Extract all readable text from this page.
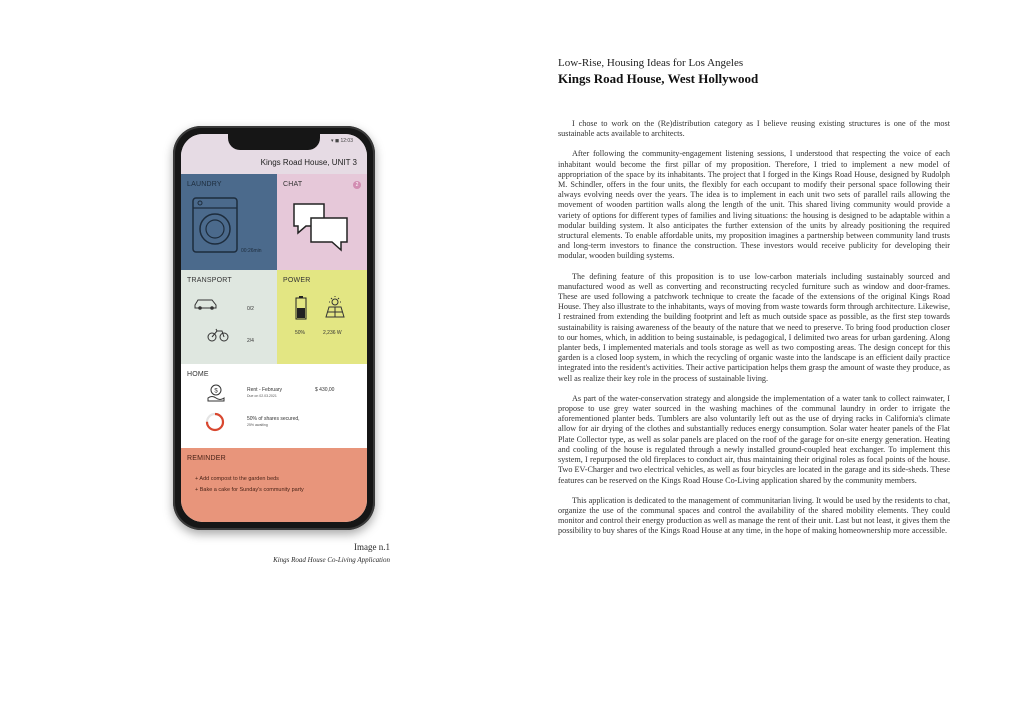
▾ ◼ 12:03
Kings Road House, UNIT 3
LAUNDRY
00:26min
CHAT	2
TRANSPORT
0/2
2/4
POWER
50%	2,236 W
HOME
$	Rent - February
Due on 02.03.2021
$ 430,00
50% of shares secured,
25% awaiting
REMINDER
+ Add compost to the garden beds
+ Bake a cake for Sunday's community party
Image n.1
Kings Road House Co-Living Application
Low-Rise, Housing Ideas for Los Angeles
Kings Road House, West Hollywood

I chose to work on the (Re)distribution category as I believe reusing existing structures is one of the most sustainable acts available to architects.

After following the community-engagement listening sessions, I understood that respecting the voice of each inhabitant would become the first pillar of my proposition. Therefore, I tried to implement a new model of appropriation of the space by its inhabitants. The project that I forged in the Kings Road House, designed by Rudolph M. Schindler, offers in the four units, the flexibly for each occupant to modify their personal space following their always evolving needs over the years. The idea is to implement in each unit two sets of parallel rails allowing the movement of wooden partition walls along the length of the unit. This shared living community would provide a variety of options for different types of families and living situations: the housing is designed to be adaptable within a modular building system. It also anticipates the further extension of the units by already positioning the required structural elements. To enable affordable units, my proposition imagines a partnership between community land trusts and long-term investors to finance the construction. These investors would receive publicity for developing their modular, wooden building systems.

The defining feature of this proposition is to use low-carbon materials including sustainably sourced and manufactured wood as well as converting and reconstructing recycled furniture such as window and door-frames. These are used following a patchwork technique to create the facade of the extensions of the original Kings Road House. They also illustrate to the inhabitants, ways of moving from waste towards form through architecture. Likewise, I restrained from extending the building footprint and left as much outside space as possible, as the first step towards sustainability is raising awareness of the beauty of the nature that we need to preserve. To bring food production closer to our homes, which, in addition to being sustainable, is pedagogical, I delimited two areas for urban gardening. Along planter beds, I implemented materials and tools storage as well as two composting areas. The design concept for this garden is a closed loop system, in which the recycling of organic waste into the landscape is an efficient daily practice integrated into the resident's activities. Their active participation helps them grasp the amount of waste they produce, as well as realize their key role in the process of sustainable living.

As part of the water-conservation strategy and alongside the implementation of a water tank to collect rainwater, I propose to use grey water sourced in the washing machines of the communal laundry in order to irrigate the aforementioned planter beds. Tumblers are also voluntarily left out as the use of drying racks in California's climate allow for air drying of the clothes and substantially reduces energy consumption. Solar water heater panels of the Flat Plate Collector type, as well as solar panels are placed on the roof of the garage for on-site energy generation. Heating and cooling of the house is regulated through a newly installed ground-coupled heat exchanger. To implement this system, I repurposed the old fireplaces to conduct air, thus maintaining their original roles as focal points of the house. Two EV-Charger and two electrical vehicles, as well as four bicycles are located in the garage and its side-sheds. These features can be reserved on the Kings Road House Co-Living application shared by the community members.

This application is dedicated to the management of communitarian living. It would be used by the residents to chat, organize the use of the communal spaces and control the availability of the shared mobility elements. They could monitor and control their energy production as well as manage the rent of their unit. Last but not least, it gives them the possibility to buy shares of the Kings Road House at any time, in the hope of making homeownership more accessible.
